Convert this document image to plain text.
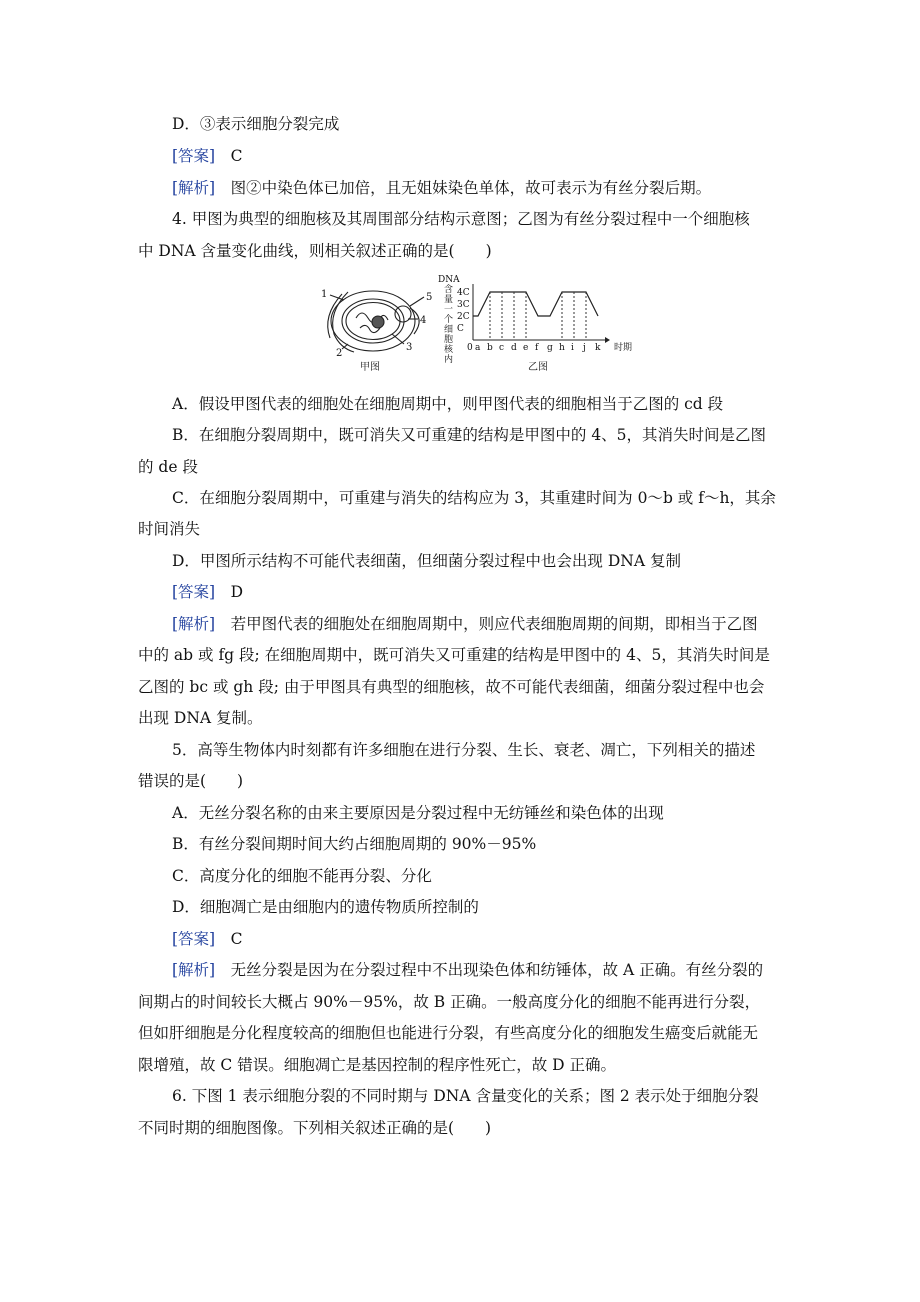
D．③表示细胞分裂完成
[答案]　C
[解析]　图②中染色体已加倍，且无姐妹染色单体，故可表示为有丝分裂后期。
4. 甲图为典型的细胞核及其周围部分结构示意图；乙图为有丝分裂过程中一个细胞核
中 DNA 含量变化曲线，则相关叙述正确的是(　　)
A．假设甲图代表的细胞处在细胞周期中，则甲图代表的细胞相当于乙图的 cd 段
B．在细胞分裂周期中，既可消失又可重建的结构是甲图中的 4、5，其消失时间是乙图
的 de 段
C．在细胞分裂周期中，可重建与消失的结构应为 3，其重建时间为 0～b 或 f～h，其余
时间消失
D．甲图所示结构不可能代表细菌，但细菌分裂过程中也会出现 DNA 复制
[答案]　D
[解析]　若甲图代表的细胞处在细胞周期中，则应代表细胞周期的间期，即相当于乙图
中的 ab 或 fg 段; 在细胞周期中，既可消失又可重建的结构是甲图中的 4、5，其消失时间是
乙图的 bc 或 gh 段; 由于甲图具有典型的细胞核，故不可能代表细菌，细菌分裂过程中也会
出现 DNA 复制。
5．高等生物体内时刻都有许多细胞在进行分裂、生长、衰老、凋亡，下列相关的描述
错误的是(　　)
A．无丝分裂名称的由来主要原因是分裂过程中无纺锤丝和染色体的出现
B．有丝分裂间期时间大约占细胞周期的 90%－95%
C．高度分化的细胞不能再分裂、分化
D．细胞凋亡是由细胞内的遗传物质所控制的
[答案]　C
[解析]　无丝分裂是因为在分裂过程中不出现染色体和纺锤体，故 A 正确。有丝分裂的
间期占的时间较长大概占 90%－95%，故 B 正确。一般高度分化的细胞不能再进行分裂，
但如肝细胞是分化程度较高的细胞但也能进行分裂，有些高度分化的细胞发生癌变后就能无
限增殖，故 C 错误。细胞凋亡是基因控制的程序性死亡，故 D 正确。
6. 下图 1 表示细胞分裂的不同时期与 DNA 含量变化的关系；图 2 表示处于细胞分裂
不同时期的细胞图像。下列相关叙述正确的是(　　)
1
2
3
4
5
甲图
DNA
含
量
一
个
细
胞
核
内
4C
3C
2C
C
a b c d e f g h i j k
0	时期
乙图
